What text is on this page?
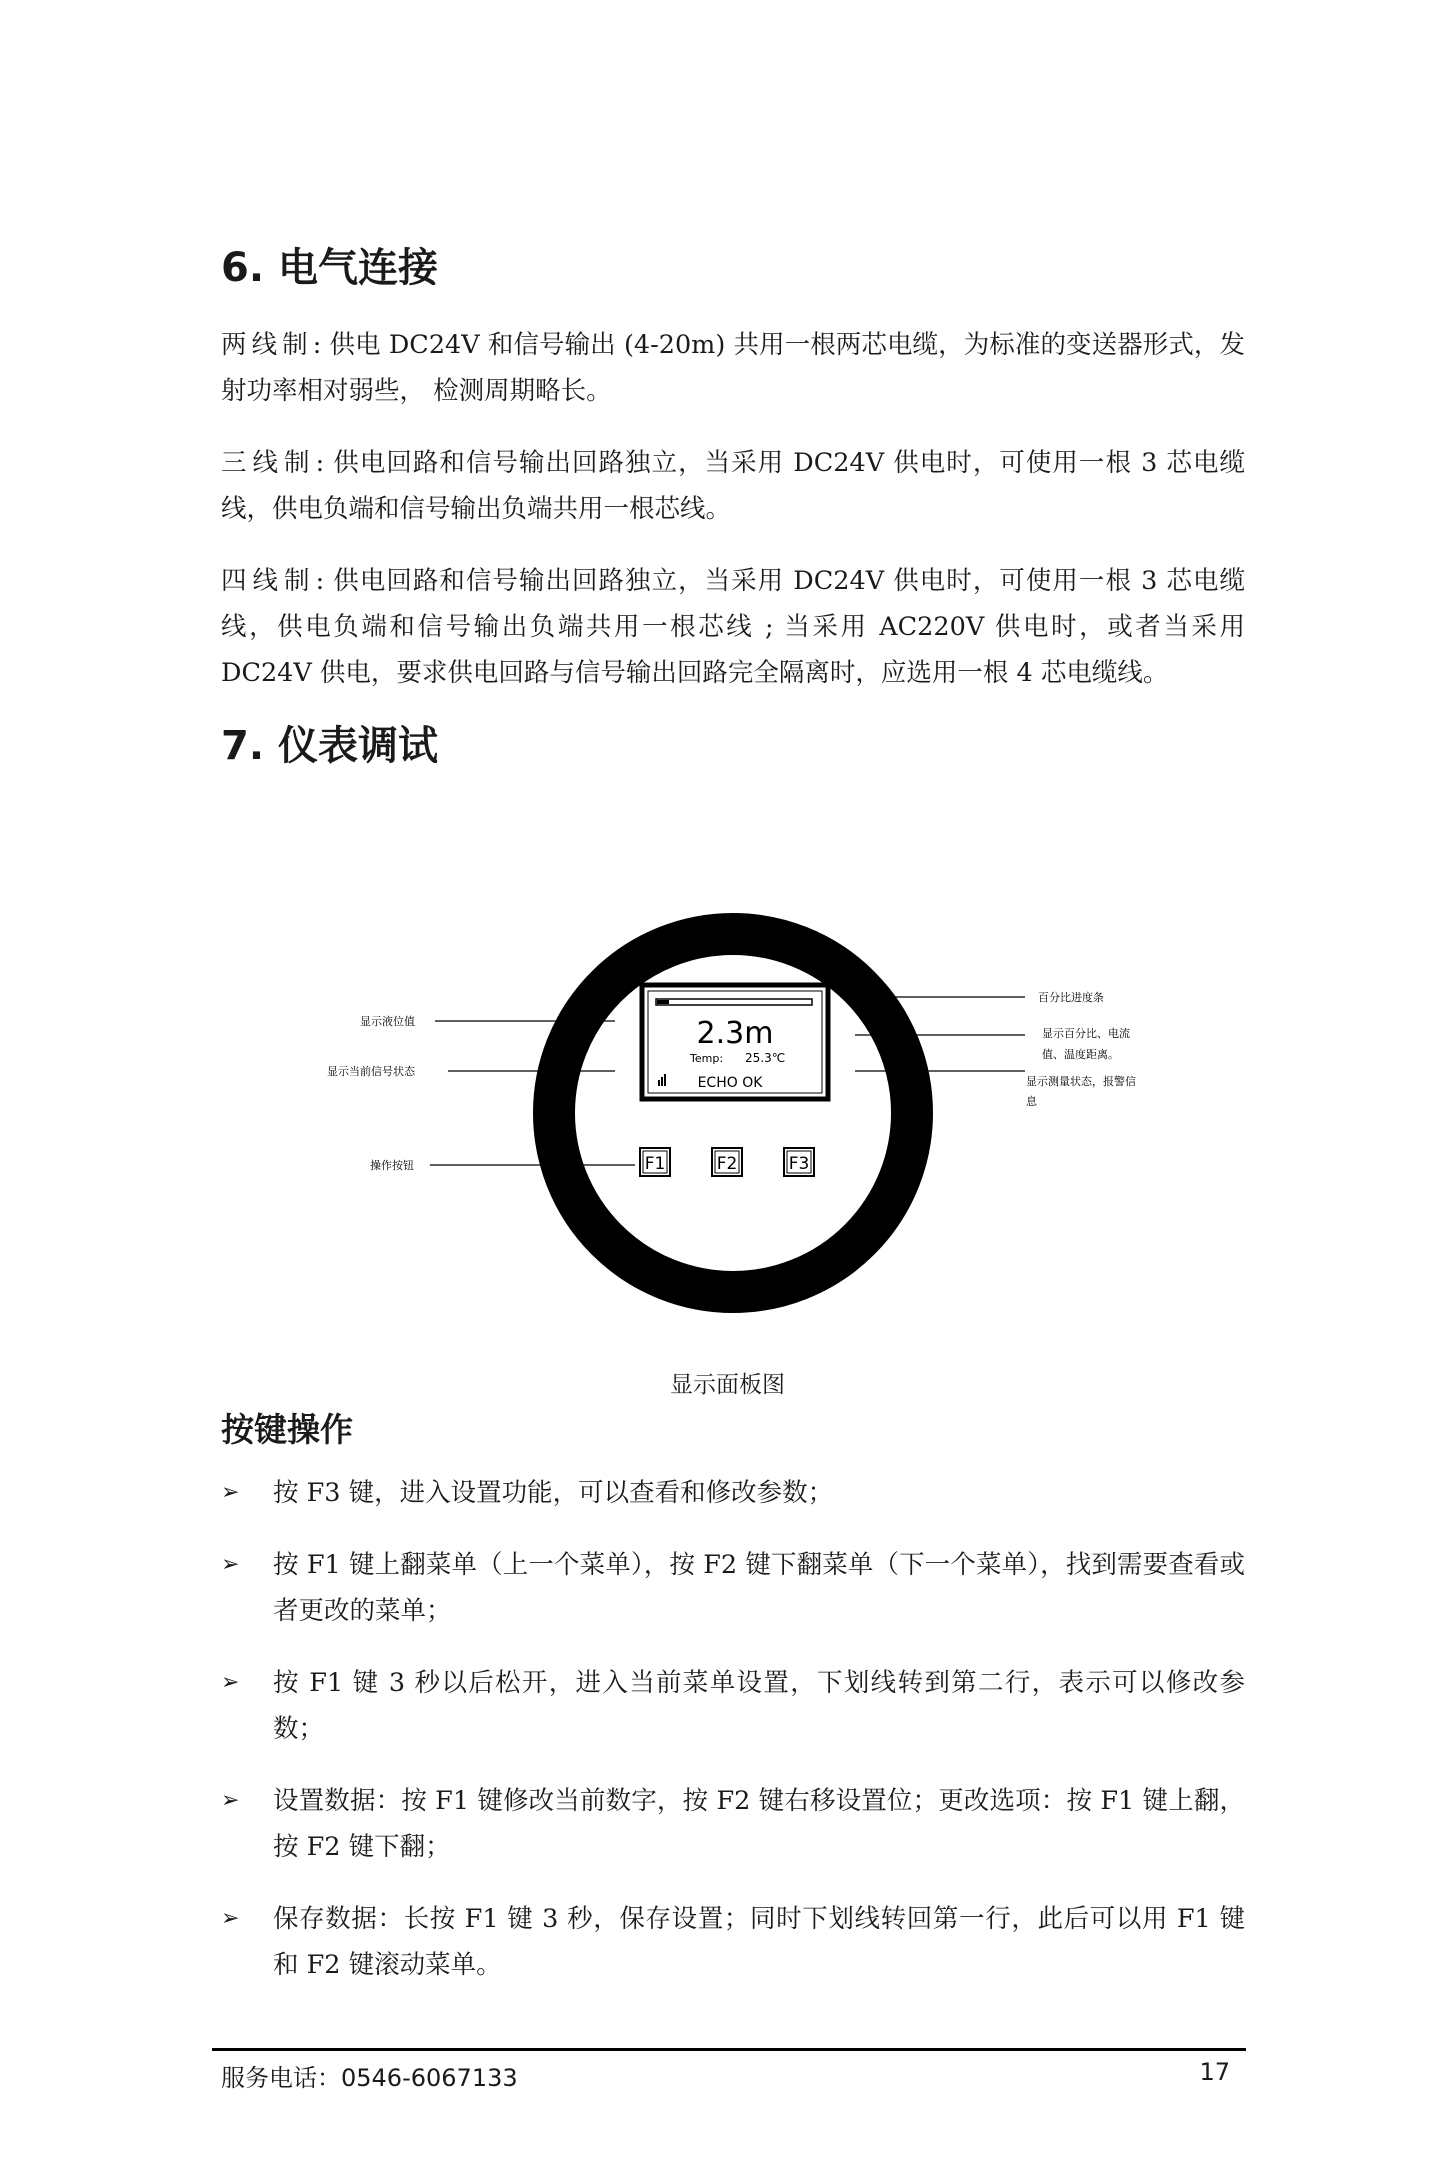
6. 电气连接

两线制: 供电 DC24V 和信号输出 (4-20m) 共用一根两芯电缆，为标准的变送器形式，发射功率相对弱些， 检测周期略长。

三线制: 供电回路和信号输出回路独立，当采用 DC24V 供电时，可使用一根 3 芯电缆线，供电负端和信号输出负端共用一根芯线。

四线制: 供电回路和信号输出回路独立，当采用 DC24V 供电时，可使用一根 3 芯电缆线，供电负端和信号输出负端共用一根芯线 ; 当采用 AC220V 供电时，或者当采用 DC24V 供电，要求供电回路与信号输出回路完全隔离时，应选用一根 4 芯电缆线。

7. 仪表调试
2.3m
Temp: 25.3℃
ECHO OK
F1	F2	F3
显示液位值
显示当前信号状态
操作按钮
百分比进度条
显示百分比、电流
值、温度距离。
显示测量状态，报警信
息
显示面板图
按键操作
➢ 按 F3 键，进入设置功能，可以查看和修改参数；
➢ 按 F1 键上翻菜单（上一个菜单），按 F2 键下翻菜单（下一个菜单），找到需要查看或者更改的菜单；
➢ 按 F1 键 3 秒以后松开，进入当前菜单设置，下划线转到第二行，表示可以修改参数；
➢ 设置数据：按 F1 键修改当前数字，按 F2 键右移设置位；更改选项：按 F1 键上翻，按 F2 键下翻；
➢ 保存数据：长按 F1 键 3 秒，保存设置；同时下划线转回第一行，此后可以用 F1 键和 F2 键滚动菜单。
服务电话：0546-6067133	17
